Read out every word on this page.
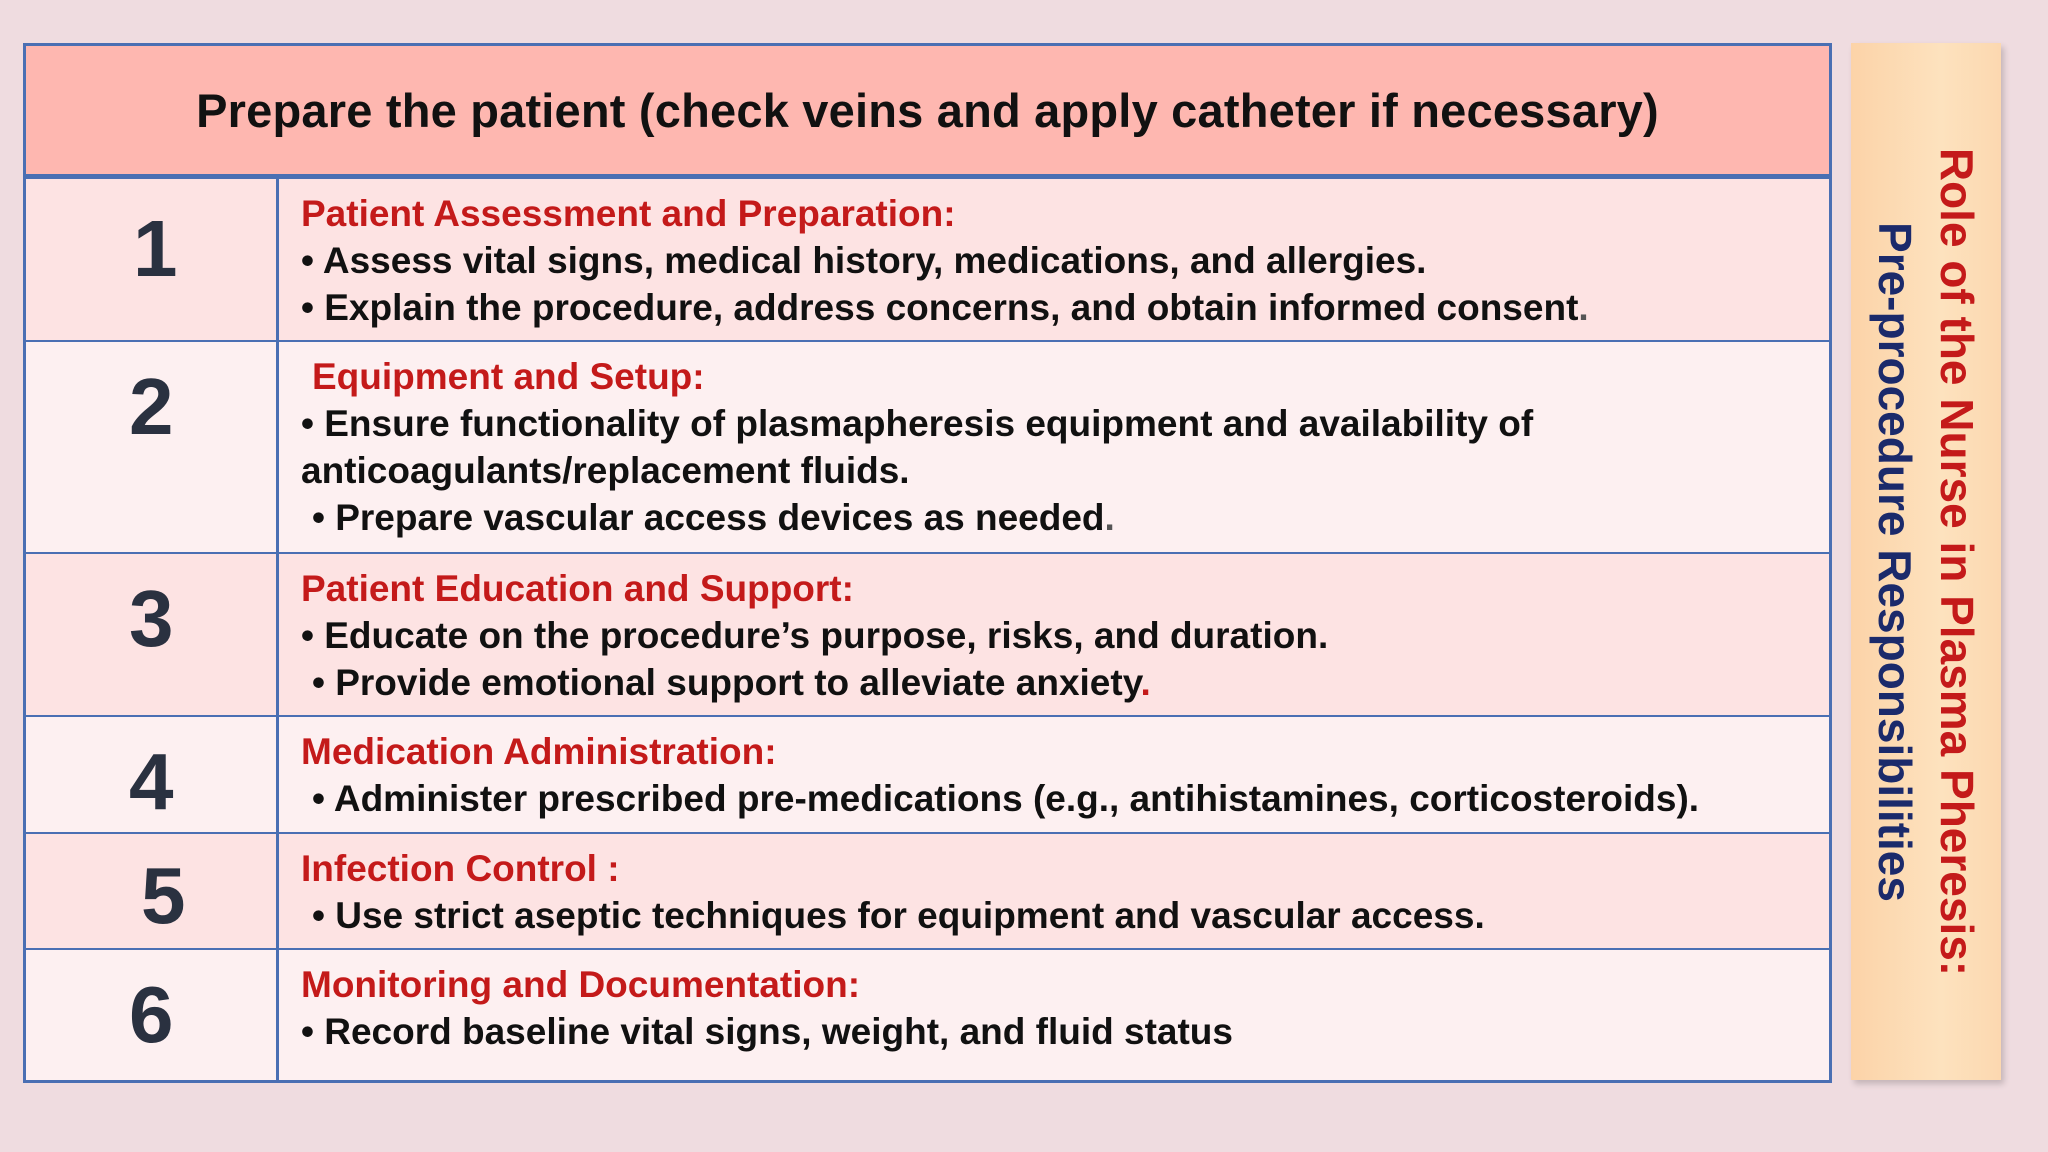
Prepare the patient (check veins and apply catheter if necessary)
1	Patient Assessment and Preparation:
• Assess vital signs, medical history, medications, and allergies.
• Explain the procedure, address concerns, and obtain informed consent.
2	Equipment and Setup:
• Ensure functionality of plasmapheresis equipment and availability of
anticoagulants/replacement fluids.
• Prepare vascular access devices as needed.
3	Patient Education and Support:
• Educate on the procedure’s purpose, risks, and duration.
• Provide emotional support to alleviate anxiety.
4	Medication Administration:
• Administer prescribed pre-medications (e.g., antihistamines, corticosteroids).
5	Infection Control :
• Use strict aseptic techniques for equipment and vascular access.
6	Monitoring and Documentation:
• Record baseline vital signs, weight, and fluid status
Role of the Nurse in Plasma Pheresis:
Pre-procedure Responsibilities
